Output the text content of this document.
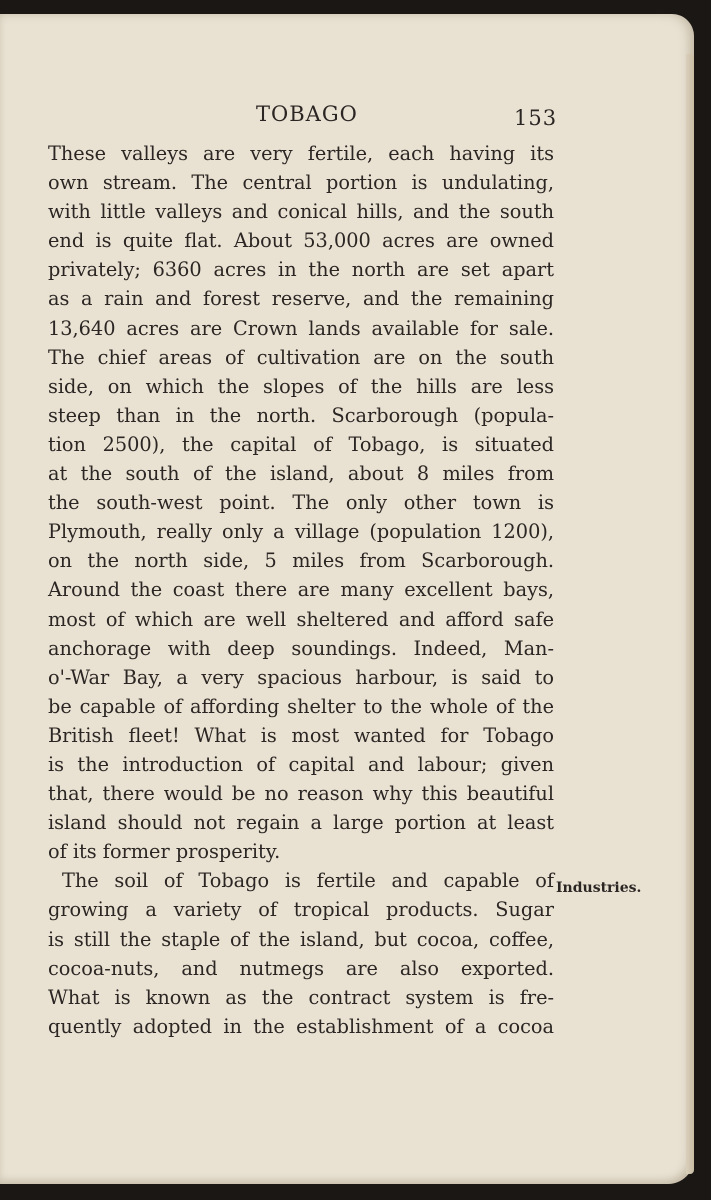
TOBAGO	153
These valleys are very fertile, each having its
own stream. The central portion is undulating,
with little valleys and conical hills, and the south
end is quite flat. About 53,000 acres are owned
privately; 6360 acres in the north are set apart
as a rain and forest reserve, and the remaining
13,640 acres are Crown lands available for sale.
The chief areas of cultivation are on the south
side, on which the slopes of the hills are less
steep than in the north. Scarborough (popula-
tion 2500), the capital of Tobago, is situated
at the south of the island, about 8 miles from
the south-west point. The only other town is
Plymouth, really only a village (population 1200),
on the north side, 5 miles from Scarborough.
Around the coast there are many excellent bays,
most of which are well sheltered and afford safe
anchorage with deep soundings. Indeed, Man-
o'-War Bay, a very spacious harbour, is said to
be capable of affording shelter to the whole of the
British fleet! What is most wanted for Tobago
is the introduction of capital and labour; given
that, there would be no reason why this beautiful
island should not regain a large portion at least
of its former prosperity.
The soil of Tobago is fertile and capable of
growing a variety of tropical products. Sugar
is still the staple of the island, but cocoa, coffee,
cocoa-nuts, and nutmegs are also exported.
What is known as the contract system is fre-
quently adopted in the establishment of a cocoa
Industries.
